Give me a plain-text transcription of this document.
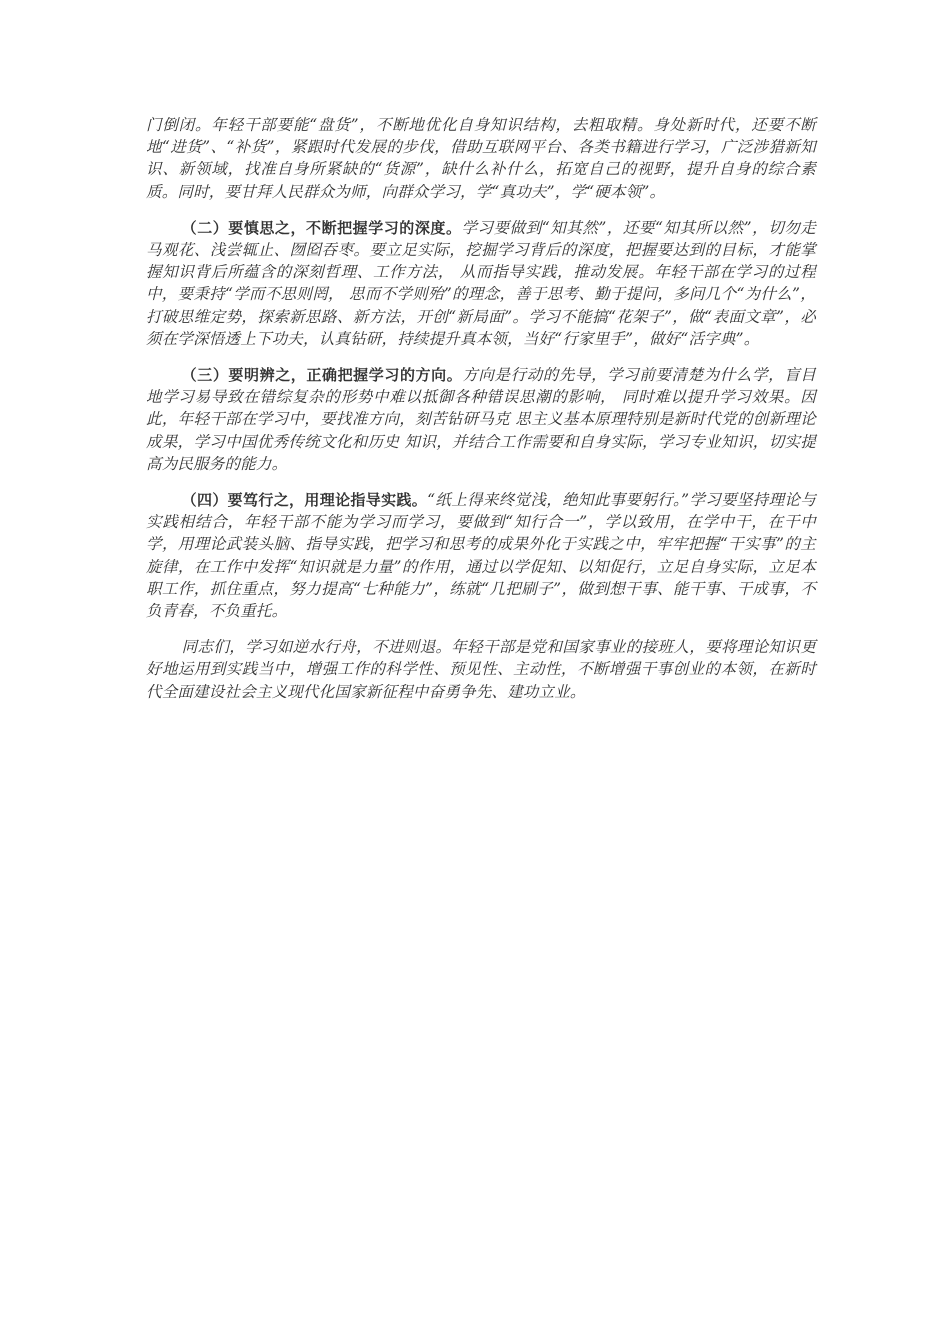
门倒闭。年轻干部要能“盘货”，不断地优化自身知识结构，去粗取精。身处新时代，还要不断地“进货”、“补货”，紧跟时代发展的步伐，借助互联网平台、各类书籍进行学习，广泛涉猎新知识、新领域，找准自身所紧缺的“货源”，缺什么补什么，拓宽自己的视野，提升自身的综合素质。同时，要甘拜人民群众为师，向群众学习，学“真功夫”，学“硬本领”。

（二）要慎思之，不断把握学习的深度。学习要做到“知其然”，还要“知其所以然”，切勿走马观花、浅尝辄止、囫囵吞枣。要立足实际，挖掘学习背后的深度，把握要达到的目标，才能掌握知识背后所蕴含的深刻哲理、工作方法， 从而指导实践，推动发展。年轻干部在学习的过程中，要秉持“学而不思则罔， 思而不学则殆”的理念，善于思考、勤于提问，多问几个“为什么”，打破思维定势，探索新思路、新方法，开创“新局面”。学习不能搞“花架子”，做“表面文章”，必须在学深悟透上下功夫，认真钻研，持续提升真本领，当好“行家里手”，做好“活字典”。

（三）要明辨之，正确把握学习的方向。方向是行动的先导，学习前要清楚为什么学，盲目地学习易导致在错综复杂的形势中难以抵御各种错误思潮的影响， 同时难以提升学习效果。因此，年轻干部在学习中，要找准方向，刻苦钻研马克 思主义基本原理特别是新时代党的创新理论成果，学习中国优秀传统文化和历史 知识，并结合工作需要和自身实际，学习专业知识，切实提高为民服务的能力。

（四）要笃行之，用理论指导实践。“纸上得来终觉浅，绝知此事要躬行。”学习要坚持理论与实践相结合，年轻干部不能为学习而学习，要做到“知行合一”，学以致用，在学中干，在干中学，用理论武装头脑、指导实践，把学习和思考的成果外化于实践之中，牢牢把握“干实事”的主旋律，在工作中发挥“知识就是力量”的作用，通过以学促知、以知促行，立足自身实际，立足本职工作，抓住重点，努力提高“七种能力”，练就“几把刷子”，做到想干事、能干事、干成事，不负青春，不负重托。

同志们，学习如逆水行舟，不进则退。年轻干部是党和国家事业的接班人，要将理论知识更好地运用到实践当中，增强工作的科学性、预见性、主动性，不断增强干事创业的本领，在新时代全面建设社会主义现代化国家新征程中奋勇争先、建功立业。
